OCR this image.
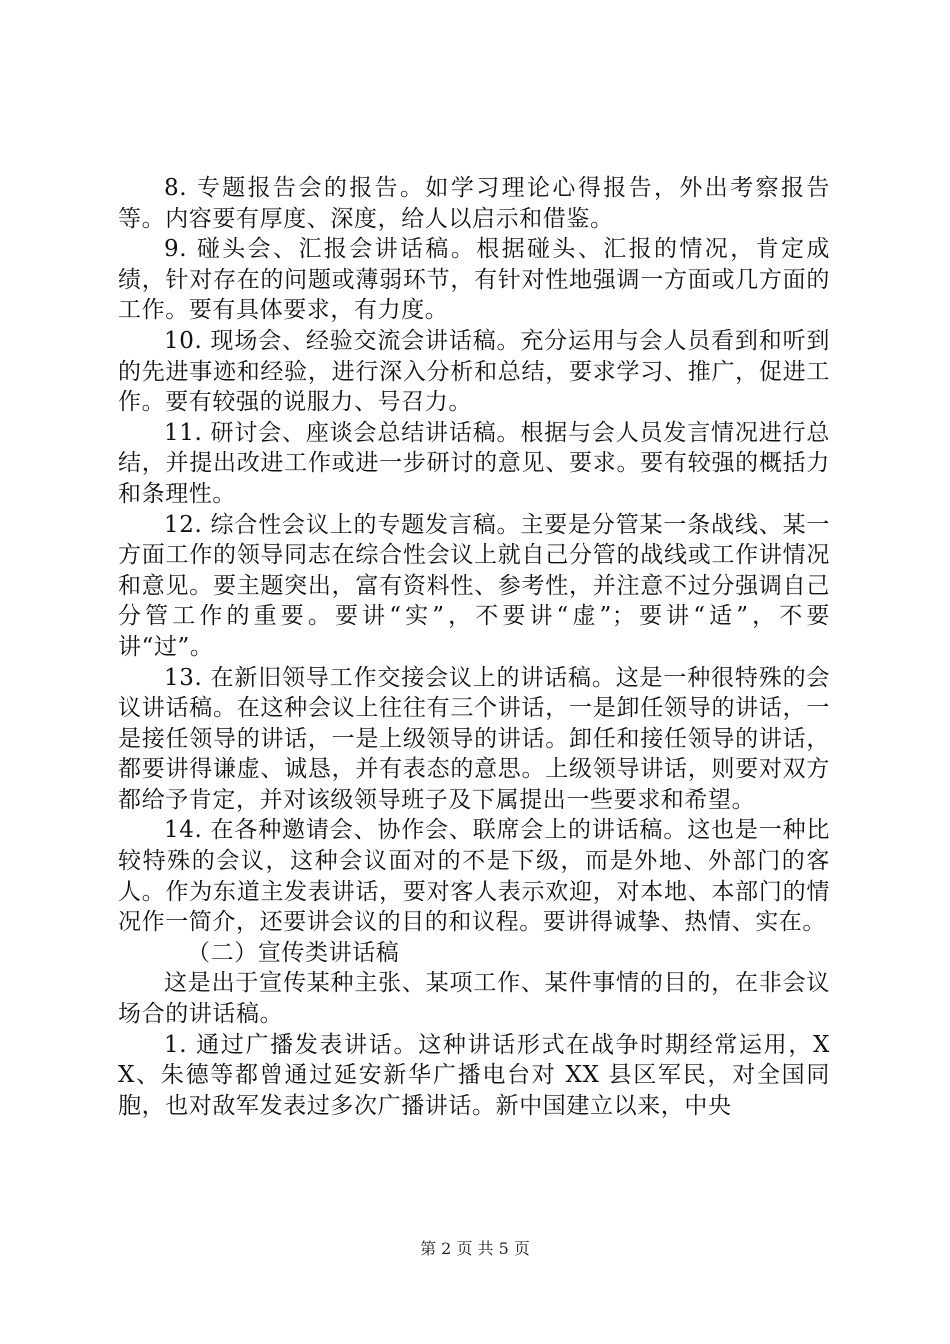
8. 专题报告会的报告。如学习理论心得报告，外出考察报告等。内容要有厚度、深度，给人以启示和借鉴。

9. 碰头会、汇报会讲话稿。根据碰头、汇报的情况，肯定成绩，针对存在的问题或薄弱环节，有针对性地强调一方面或几方面的工作。要有具体要求，有力度。

10. 现场会、经验交流会讲话稿。充分运用与会人员看到和听到的先进事迹和经验，进行深入分析和总结，要求学习、推广，促进工作。要有较强的说服力、号召力。

11. 研讨会、座谈会总结讲话稿。根据与会人员发言情况进行总结，并提出改进工作或进一步研讨的意见、要求。要有较强的概括力和条理性。

12. 综合性会议上的专题发言稿。主要是分管某一条战线、某一方面工作的领导同志在综合性会议上就自己分管的战线或工作讲情况和意见。要主题突出，富有资料性、参考性，并注意不过分强调自己分管工作的重要。要讲“实”，不要讲“虚”；要讲“适”，不要讲“过”。

13. 在新旧领导工作交接会议上的讲话稿。这是一种很特殊的会议讲话稿。在这种会议上往往有三个讲话，一是卸任领导的讲话，一是接任领导的讲话，一是上级领导的讲话。卸任和接任领导的讲话，都要讲得谦虚、诚恳，并有表态的意思。上级领导讲话，则要对双方都给予肯定，并对该级领导班子及下属提出一些要求和希望。

14. 在各种邀请会、协作会、联席会上的讲话稿。这也是一种比较特殊的会议，这种会议面对的不是下级，而是外地、外部门的客人。作为东道主发表讲话，要对客人表示欢迎，对本地、本部门的情况作一简介，还要讲会议的目的和议程。要讲得诚挚、热情、实在。

（二）宣传类讲话稿

这是出于宣传某种主张、某项工作、某件事情的目的，在非会议场合的讲话稿。

1. 通过广播发表讲话。这种讲话形式在战争时期经常运用，XX、朱德等都曾通过延安新华广播电台对 XX 县区军民，对全国同胞，也对敌军发表过多次广播讲话。新中国建立以来，中央

第 2 页 共 5 页
